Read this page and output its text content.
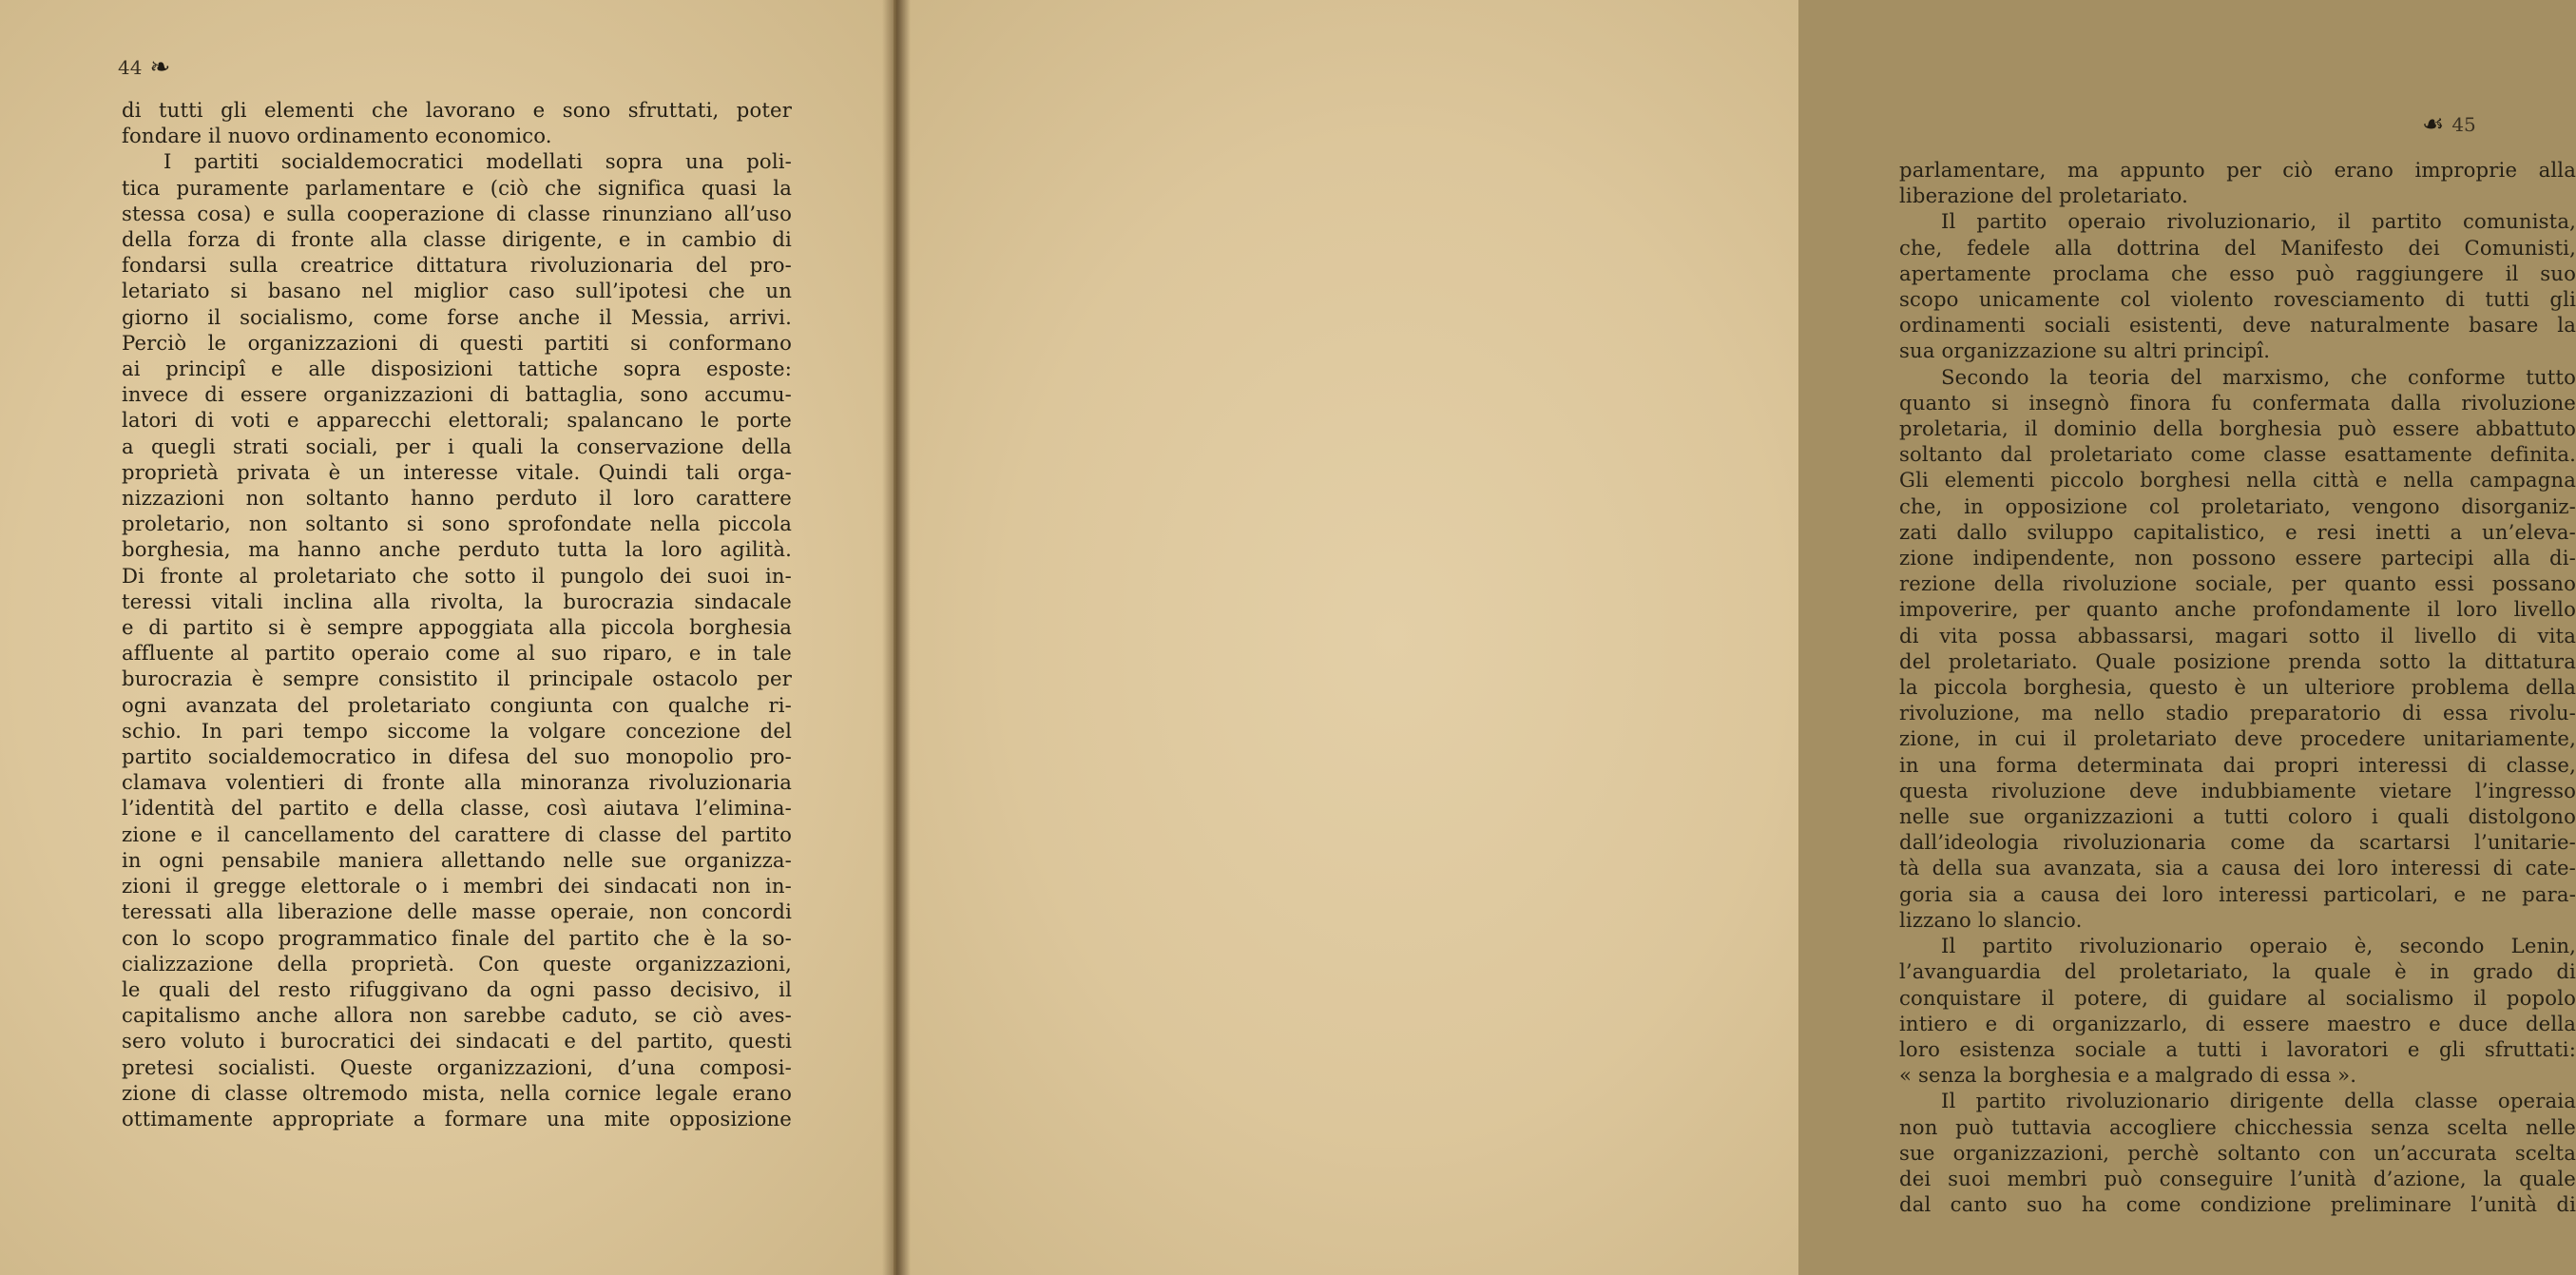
44 ❧
di tutti gli elementi che lavorano e sono sfruttati, poter
fondare il nuovo ordinamento economico.
I partiti socialdemocratici modellati sopra una poli-
tica puramente parlamentare e (ciò che significa quasi la
stessa cosa) e sulla cooperazione di classe rinunziano all’uso
della forza di fronte alla classe dirigente, e in cambio di
fondarsi sulla creatrice dittatura rivoluzionaria del pro-
letariato si basano nel miglior caso sull’ipotesi che un
giorno il socialismo, come forse anche il Messia, arrivi.
Perciò le organizzazioni di questi partiti si conformano
ai principî e alle disposizioni tattiche sopra esposte:
invece di essere organizzazioni di battaglia, sono accumu-
latori di voti e apparecchi elettorali; spalancano le porte
a quegli strati sociali, per i quali la conservazione della
proprietà privata è un interesse vitale. Quindi tali orga-
nizzazioni non soltanto hanno perduto il loro carattere
proletario, non soltanto si sono sprofondate nella piccola
borghesia, ma hanno anche perduto tutta la loro agilità.
Di fronte al proletariato che sotto il pungolo dei suoi in-
teressi vitali inclina alla rivolta, la burocrazia sindacale
e di partito si è sempre appoggiata alla piccola borghesia
affluente al partito operaio come al suo riparo, e in tale
burocrazia è sempre consistito il principale ostacolo per
ogni avanzata del proletariato congiunta con qualche ri-
schio. In pari tempo siccome la volgare concezione del
partito socialdemocratico in difesa del suo monopolio pro-
clamava volentieri di fronte alla minoranza rivoluzionaria
l’identità del partito e della classe, così aiutava l’elimina-
zione e il cancellamento del carattere di classe del partito
in ogni pensabile maniera allettando nelle sue organizza-
zioni il gregge elettorale o i membri dei sindacati non in-
teressati alla liberazione delle masse operaie, non concordi
con lo scopo programmatico finale del partito che è la so-
cializzazione della proprietà. Con queste organizzazioni,
le quali del resto rifuggivano da ogni passo decisivo, il
capitalismo anche allora non sarebbe caduto, se ciò aves-
sero voluto i burocratici dei sindacati e del partito, questi
pretesi socialisti. Queste organizzazioni, d’una composi-
zione di classe oltremodo mista, nella cornice legale erano
ottimamente appropriate a formare una mite opposizione
☙ 45
parlamentare, ma appunto per ciò erano improprie alla
liberazione del proletariato.
Il partito operaio rivoluzionario, il partito comunista,
che, fedele alla dottrina del Manifesto dei Comunisti,
apertamente proclama che esso può raggiungere il suo
scopo unicamente col violento rovesciamento di tutti gli
ordinamenti sociali esistenti, deve naturalmente basare la
sua organizzazione su altri principî.
Secondo la teoria del marxismo, che conforme tutto
quanto si insegnò finora fu confermata dalla rivoluzione
proletaria, il dominio della borghesia può essere abbattuto
soltanto dal proletariato come classe esattamente definita.
Gli elementi piccolo borghesi nella città e nella campagna
che, in opposizione col proletariato, vengono disorganiz-
zati dallo sviluppo capitalistico, e resi inetti a un’eleva-
zione indipendente, non possono essere partecipi alla di-
rezione della rivoluzione sociale, per quanto essi possano
impoverire, per quanto anche profondamente il loro livello
di vita possa abbassarsi, magari sotto il livello di vita
del proletariato. Quale posizione prenda sotto la dittatura
la piccola borghesia, questo è un ulteriore problema della
rivoluzione, ma nello stadio preparatorio di essa rivolu-
zione, in cui il proletariato deve procedere unitariamente,
in una forma determinata dai propri interessi di classe,
questa rivoluzione deve indubbiamente vietare l’ingresso
nelle sue organizzazioni a tutti coloro i quali distolgono
dall’ideologia rivoluzionaria come da scartarsi l’unitarie-
tà della sua avanzata, sia a causa dei loro interessi di cate-
goria sia a causa dei loro interessi particolari, e ne para-
lizzano lo slancio.
Il partito rivoluzionario operaio è, secondo Lenin,
l’avanguardia del proletariato, la quale è in grado di
conquistare il potere, di guidare al socialismo il popolo
intiero e di organizzarlo, di essere maestro e duce della
loro esistenza sociale a tutti i lavoratori e gli sfruttati:
« senza la borghesia e a malgrado di essa ».
Il partito rivoluzionario dirigente della classe operaia
non può tuttavia accogliere chicchessia senza scelta nelle
sue organizzazioni, perchè soltanto con un’accurata scelta
dei suoi membri può conseguire l’unità d’azione, la quale
dal canto suo ha come condizione preliminare l’unità di
